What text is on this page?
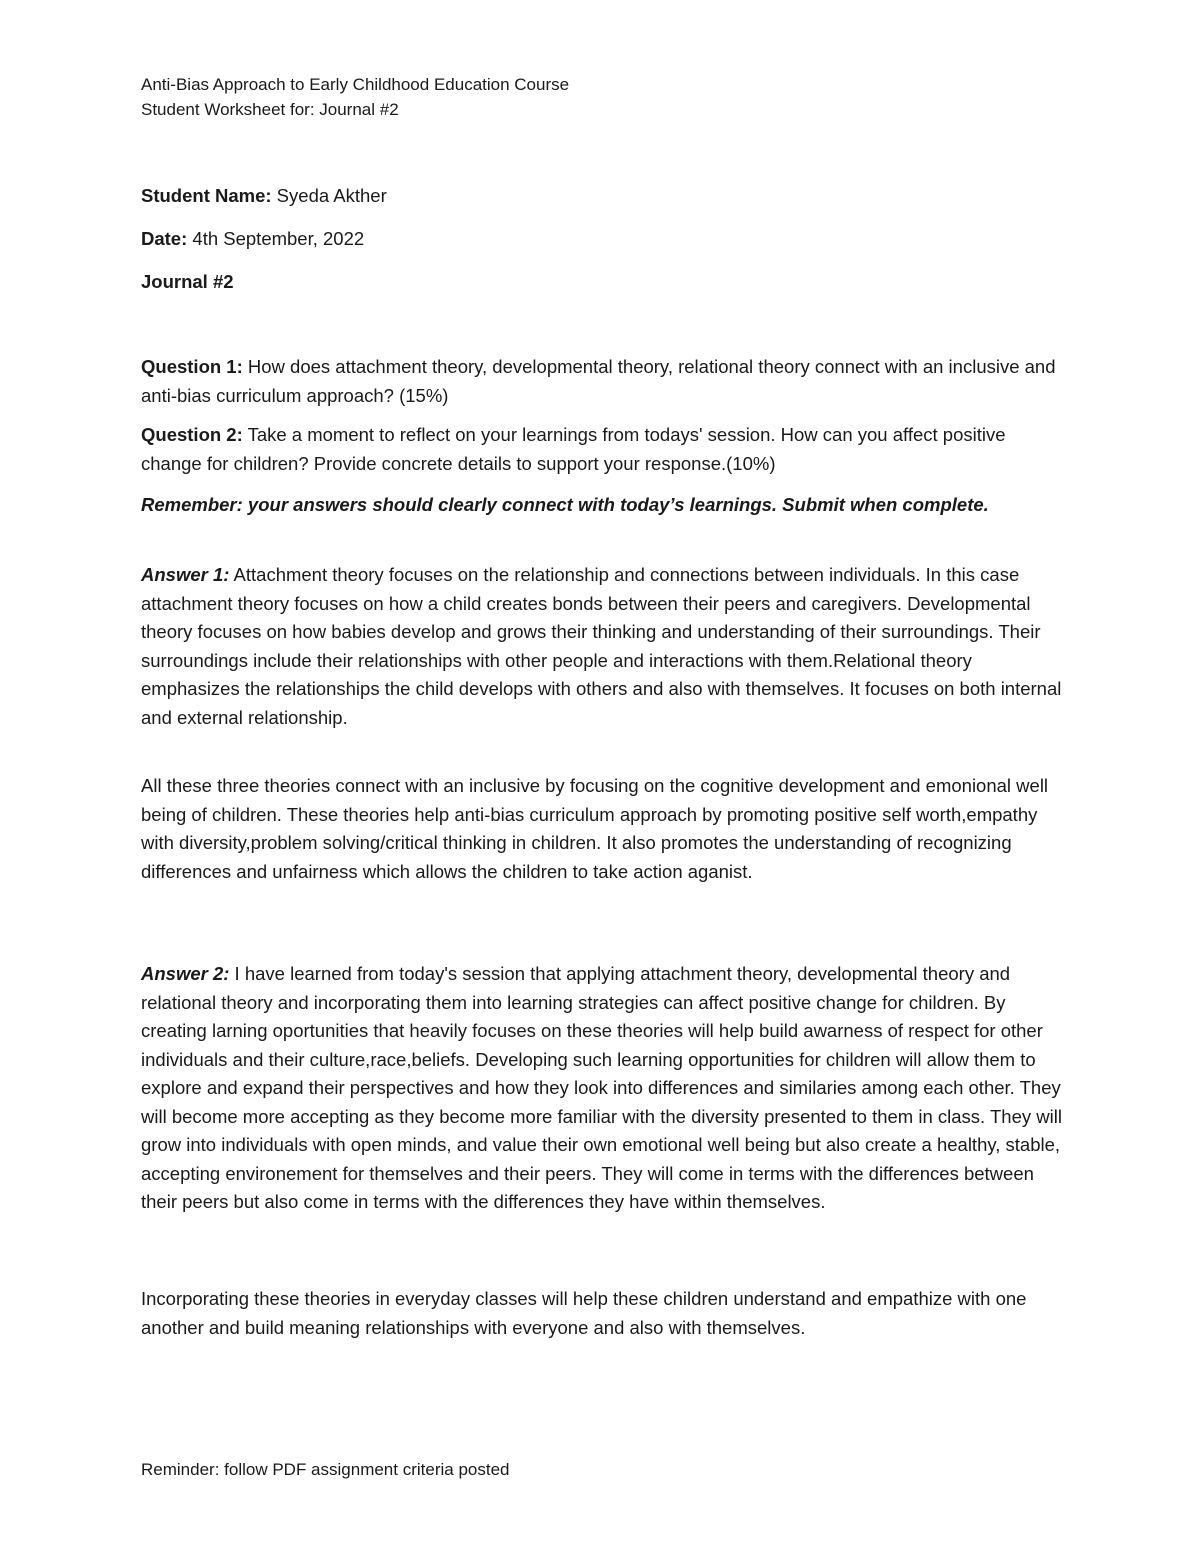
Anti-Bias Approach to Early Childhood Education Course
Student Worksheet for: Journal #2

Student Name: Syeda Akther

Date: 4th September, 2022

Journal #2

Question 1: How does attachment theory, developmental theory, relational theory connect with an inclusive and anti-bias curriculum approach? (15%)

Question 2: Take a moment to reflect on your learnings from todays' session. How can you affect positive change for children? Provide concrete details to support your response.(10%)

Remember: your answers should clearly connect with today’s learnings. Submit when complete.

Answer 1: Attachment theory focuses on the relationship and connections between individuals. In this case attachment theory focuses on how a child creates bonds between their peers and caregivers. Developmental theory focuses on how babies develop and grows their thinking and understanding of their surroundings. Their surroundings include their relationships with other people and interactions with them.Relational theory emphasizes the relationships the child develops with others and also with themselves. It focuses on both internal and external relationship.

All these three theories connect with an inclusive by focusing on the cognitive development and emonional well being of children. These theories help anti-bias curriculum approach by promoting positive self worth,empathy with diversity,problem solving/critical thinking in children. It also promotes the understanding of recognizing differences and unfairness which allows the children to take action aganist.

Answer 2: I have learned from today's session that applying attachment theory, developmental theory and relational theory and incorporating them into learning strategies can affect positive change for children. By creating larning oportunities that heavily focuses on these theories will help build awarness of respect for other individuals and their culture,race,beliefs. Developing such learning opportunities for children will allow them to explore and expand their perspectives and how they look into differences and similaries among each other. They will become more accepting as they become more familiar with the diversity presented to them in class. They will grow into individuals with open minds, and value their own emotional well being but also create a healthy, stable, accepting environement for themselves and their peers. They will come in terms with the differences between their peers but also come in terms with the differences they have within themselves.

Incorporating these theories in everyday classes will help these children understand and empathize with one another and build meaning relationships with everyone and also with themselves.

Reminder: follow PDF assignment criteria posted
